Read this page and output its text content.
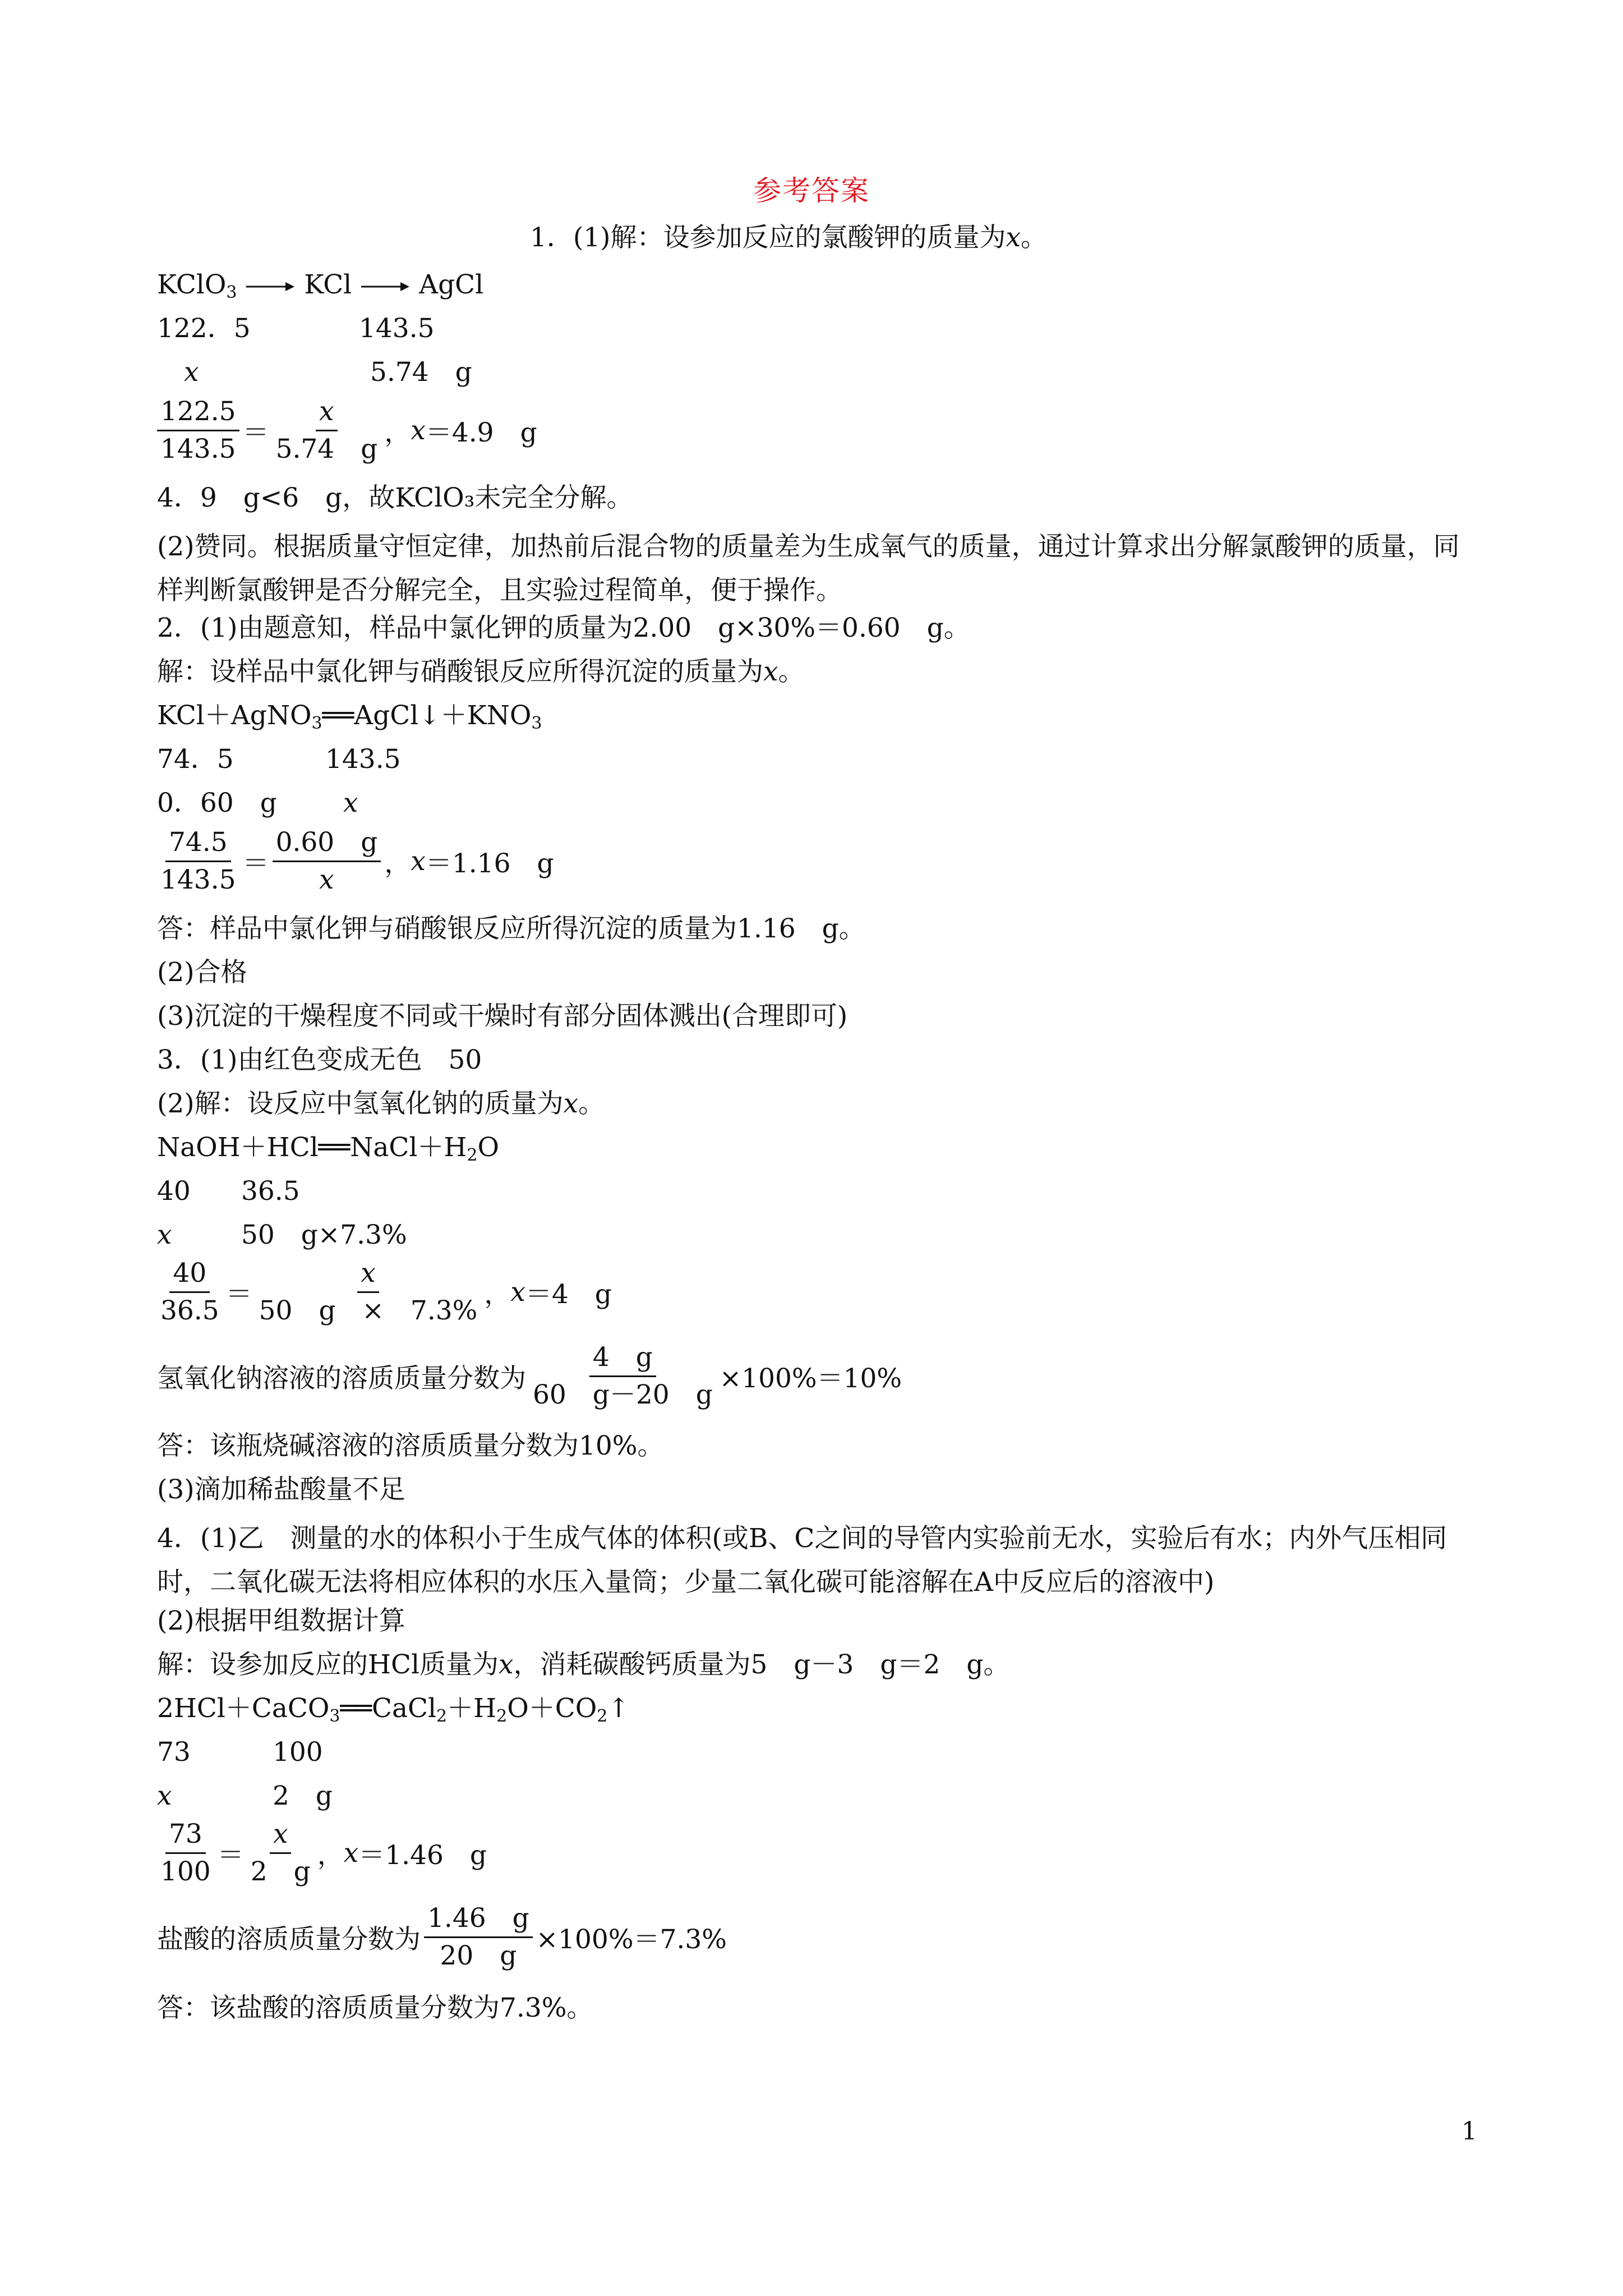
参考答案
1．(1)解：设参加反应的氯酸钾的质量为x。
KClO$_3$	KCl	AgCl
122．5	143.5
x	5.74　g
$\frac{122.5}{143.5} = \frac{x}{5.74 g}$ ， x ＝4.9　g
4．9　g<6　g，故KClO₃未完全分解。
(2)赞同。根据质量守恒定律，加热前后混合物的质量差为生成氧气的质量，通过计算求出分解氯酸钾的质量，同样判断氯酸钾是否分解完全，且实验过程简单，便于操作。
2．(1)由题意知，样品中氯化钾的质量为2.00　g×30%＝0.60　g。
解：设样品中氯化钾与硝酸银反应所得沉淀的质量为x。
$KCl+AgNO_3══AgCl↓+KNO_3$
74．5	143.5
0．60　g	x
$\frac{74.5}{143.5} = \frac{0.60 g}{x}$ ， x ＝1.16　g
答：样品中氯化钾与硝酸银反应所得沉淀的质量为1.16　g。
(2)合格
(3)沉淀的干燥程度不同或干燥时有部分固体溅出(合理即可)
3．(1)由红色变成无色　50
(2)解：设反应中氢氧化钠的质量为x。
$NaOH+HCl══NaCl+H_2O$
40 36.5
x	50　g×7.3%
$\frac{40}{36.5} = \frac{x}{50 g \times 7.3\%}$ ， x ＝4　g
氢氧化钠溶液的溶质质量分数为 $\frac{4 g}{60 g-20 g} \times 100\%=10\%$
答：该瓶烧碱溶液的溶质质量分数为10%。
(3)滴加稀盐酸量不足
4．(1)乙　测量的水的体积小于生成气体的体积(或B、C之间的导管内实验前无水，实验后有水；内外气压相同时，二氧化碳无法将相应体积的水压入量筒；少量二氧化碳可能溶解在A中反应后的溶液中)
(2)根据甲组数据计算
解：设参加反应的HCl质量为x，消耗碳酸钙质量为5　g－3　g＝2　g。
$2HCl+CaCO_3══CaCl_2+H_2O+CO_2↑$
73	100
x	2　g
$\frac{73}{100} = \frac{x}{2 g}$ ， x ＝1.46　g
盐酸的溶质质量分数为 $\frac{1.46 g}{20 g} \times 100\%=7.3\%$
答：该盐酸的溶质质量分数为7.3%。
1
